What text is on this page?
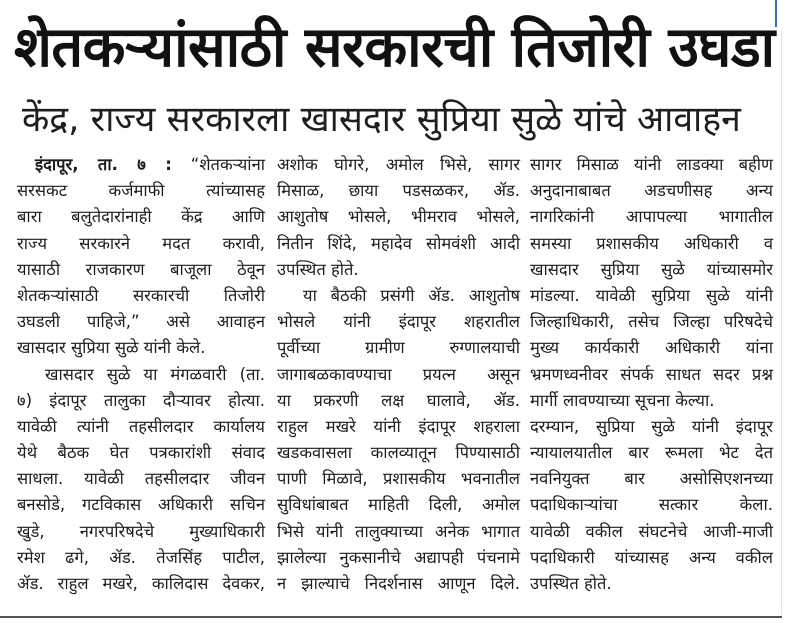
शेतकऱ्यांसाठी सरकारची तिजोरी उघडा
केंद्र, राज्य सरकारला खासदार सुप्रिया सुळे यांचे आवाहन
इंदापूर, ता. ७ : “शेतकऱ्यांना
सरसकट कर्जमाफी त्यांच्यासह
बारा बलुतेदारांनाही केंद्र आणि
राज्य सरकारने मदत करावी,
यासाठी राजकारण बाजूला ठेवून
शेतकऱ्यांसाठी सरकारची तिजोरी
उघडली पाहिजे,” असे आवाहन
खासदार सुप्रिया सुळे यांनी केले.
खासदार सुळे या मंगळवारी (ता.
७) इंदापूर तालुका दौऱ्यावर होत्या.
यावेळी त्यांनी तहसीलदार कार्यालय
येथे बैठक घेत पत्रकारांशी संवाद
साधला. यावेळी तहसीलदार जीवन
बनसोडे, गटविकास अधिकारी सचिन
खुडे, नगरपरिषदेचे मुख्याधिकारी
रमेश ढगे, ॲड. तेजसिंह पाटील,
ॲड. राहुल मखरे, कालिदास देवकर,
अशोक घोगरे, अमोल भिसे, सागर
मिसाळ, छाया पडसळकर, ॲड.
आशुतोष भोसले, भीमराव भोसले,
नितीन शिंदे, महादेव सोमवंशी आदी
उपस्थित होते.
या बैठकी प्रसंगी ॲड. आशुतोष
भोसले यांनी इंदापूर शहरातील
पूर्वीच्या ग्रामीण रुग्णालयाची
जागाबळकावण्याचा प्रयत्न असून
या प्रकरणी लक्ष घालावे, ॲड.
राहुल मखरे यांनी इंदापूर शहराला
खडकवासला कालव्यातून पिण्यासाठी
पाणी मिळावे, प्रशासकीय भवनातील
सुविधांबाबत माहिती दिली, अमोल
भिसे यांनी तालुक्याच्या अनेक भागात
झालेल्या नुकसानीचे अद्यापही पंचनामे
न झाल्याचे निदर्शनास आणून दिले.
सागर मिसाळ यांनी लाडक्या बहीण
अनुदानाबाबत अडचणीसह अन्य
नागरिकांनी आपापल्या भागातील
समस्या प्रशासकीय अधिकारी व
खासदार सुप्रिया सुळे यांच्यासमोर
मांडल्या. यावेळी सुप्रिया सुळे यांनी
जिल्हाधिकारी, तसेच जिल्हा परिषदेचे
मुख्य कार्यकारी अधिकारी यांना
भ्रमणध्वनीवर संपर्क साधत सदर प्रश्न
मार्गी लावण्याच्या सूचना केल्या.
दरम्यान, सुप्रिया सुळे यांनी इंदापूर
न्यायालयातील बार रूमला भेट देत
नवनियुक्त बार असोसिएशनच्या
पदाधिकाऱ्यांचा सत्कार केला.
यावेळी वकील संघटनेचे आजी-माजी
पदाधिकारी यांच्यासह अन्य वकील
उपस्थित होते.
